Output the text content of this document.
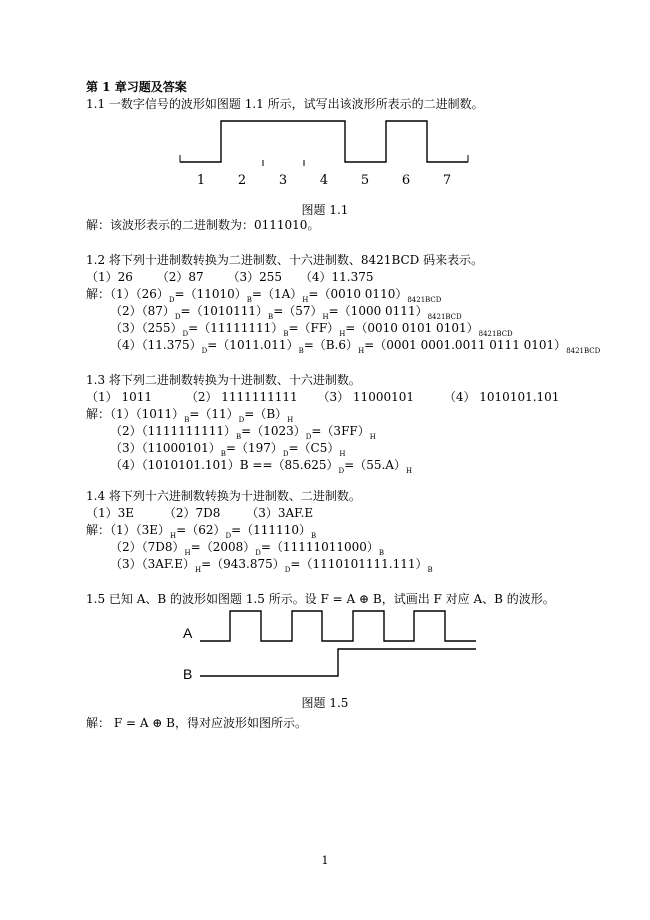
第 1 章习题及答案
1.1 一数字信号的波形如图题 1.1 所示，试写出该波形所表示的二进制数。
1	2	3	4	5	6	7
A
B
图题 1.1
解：该波形表示的二进制数为：0111010。
1.2 将下列十进制数转换为二进制数、十六进制数、8421BCD 码来表示。
（1）26 （2）87 （3）255 （4）11.375
解：$(1)(26)_D=(11010)_B=(1A)_H=(0010$ $0110)_{8421BCD}$
$(2)(87)_D=(1010111)_B=(57)_H=(1000$ $0111)_{8421BCD}$
$(3)(255)_D=(11111111)_B=(FF)_H=(0010$ 0101 $0101)_{8421BCD}$
$(4)(11.375)_D=(1011.011)_B=(B.6)_H=(0001$ 0001.0011 0111 $0101)_{8421BCD}$
1.3 将下列二进制数转换为十进制数、十六进制数。
（1） 1011	（2） 1111111111 （3） 11000101 （4） 1010101.101
解：$(1)(1011)_B=(11)_D=(B)_H$
$(2)(1111111111)_B=(1023)_D=(3FF)_H$
$(3)(11000101)_B=(197)_D=(C5)_H$
$(4)(1010101.101)B ==(85.625)_D=(55.A)_H$
1.4 将下列十六进制数转换为十进制数、二进制数。
（1）3E （2）7D8 （3）3AF.E
解：$(1)(3E)_H=(62)_D=(111110)_B$
$(2)(7D8)_H=(2008)_D=(11111011000)_B$
$(3)(3AF.E)_H=(943.875)_D=(1110101111.111)_B$
1.5 已知 A、B 的波形如图题 1.5 所示。设 F = A ⊕ B，试画出 F 对应 A、B 的波形。
图题 1.5
解： F = A ⊕ B，得对应波形如图所示。
1
